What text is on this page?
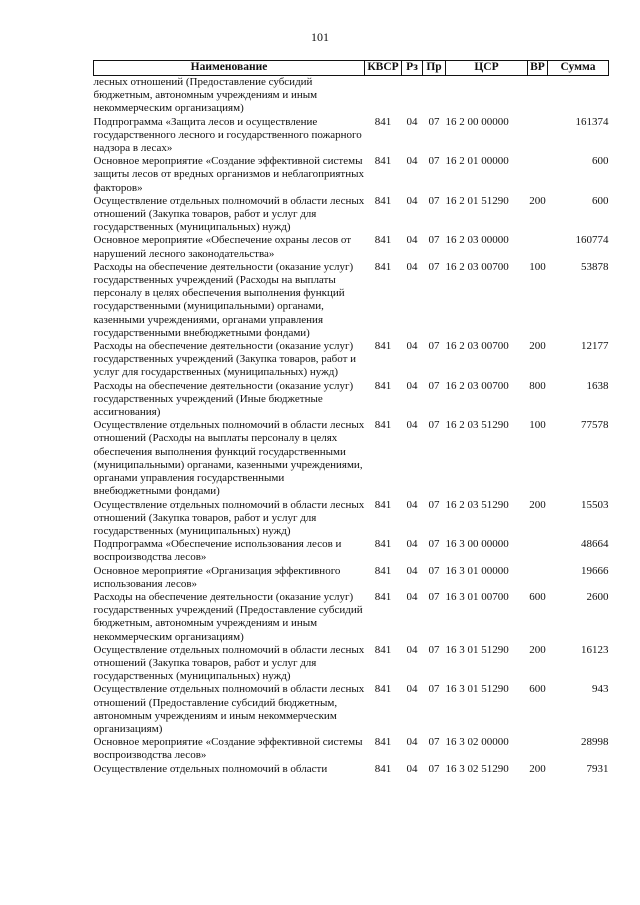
101
Наименование	КВСР	Рз	Пр	ЦСР	ВР	Сумма
лесных отношений (Предоставление субсидий бюджетным, автономным учреждениям и иным некоммерческим организациям)						
Подпрограмма «Защита лесов и осуществление государственного лесного и государственного пожарного надзора в лесах»	841	04	07	16 2 00 00000		161374
Основное мероприятие «Создание эффективной системы защиты лесов от вредных организмов и неблагоприятных факторов»	841	04	07	16 2 01 00000		600
Осуществление отдельных полномочий в области лесных отношений (Закупка товаров, работ и услуг для государственных (муниципальных) нужд)	841	04	07	16 2 01 51290	200	600
Основное мероприятие «Обеспечение охраны лесов от нарушений лесного законодательства»	841	04	07	16 2 03 00000		160774
Расходы на обеспечение деятельности (оказание услуг) государственных учреждений (Расходы на выплаты персоналу в целях обеспечения выполнения функций государственными (муниципальными) органами, казенными учреждениями, органами управления государственными внебюджетными фондами)	841	04	07	16 2 03 00700	100	53878
Расходы на обеспечение деятельности (оказание услуг) государственных учреждений (Закупка товаров, работ и услуг для государственных (муниципальных) нужд)	841	04	07	16 2 03 00700	200	12177
Расходы на обеспечение деятельности (оказание услуг) государственных учреждений (Иные бюджетные ассигнования)	841	04	07	16 2 03 00700	800	1638
Осуществление отдельных полномочий в области лесных отношений (Расходы на выплаты персоналу в целях обеспечения выполнения функций государственными (муниципальными) органами, казенными учреждениями, органами управления государственными внебюджетными фондами)	841	04	07	16 2 03 51290	100	77578
Осуществление отдельных полномочий в области лесных отношений (Закупка товаров, работ и услуг для государственных (муниципальных) нужд)	841	04	07	16 2 03 51290	200	15503
Подпрограмма «Обеспечение использования лесов и воспроизводства лесов»	841	04	07	16 3 00 00000		48664
Основное мероприятие «Организация эффективного использования лесов»	841	04	07	16 3 01 00000		19666
Расходы на обеспечение деятельности (оказание услуг) государственных учреждений (Предоставление субсидий бюджетным, автономным учреждениям и иным некоммерческим организациям)	841	04	07	16 3 01 00700	600	2600
Осуществление отдельных полномочий в области лесных отношений (Закупка товаров, работ и услуг для государственных (муниципальных) нужд)	841	04	07	16 3 01 51290	200	16123
Осуществление отдельных полномочий в области лесных отношений (Предоставление субсидий бюджетным, автономным учреждениям и иным некоммерческим организациям)	841	04	07	16 3 01 51290	600	943
Основное мероприятие «Создание эффективной системы воспроизводства лесов»	841	04	07	16 3 02 00000		28998
Осуществление отдельных полномочий в области	841	04	07	16 3 02 51290	200	7931
